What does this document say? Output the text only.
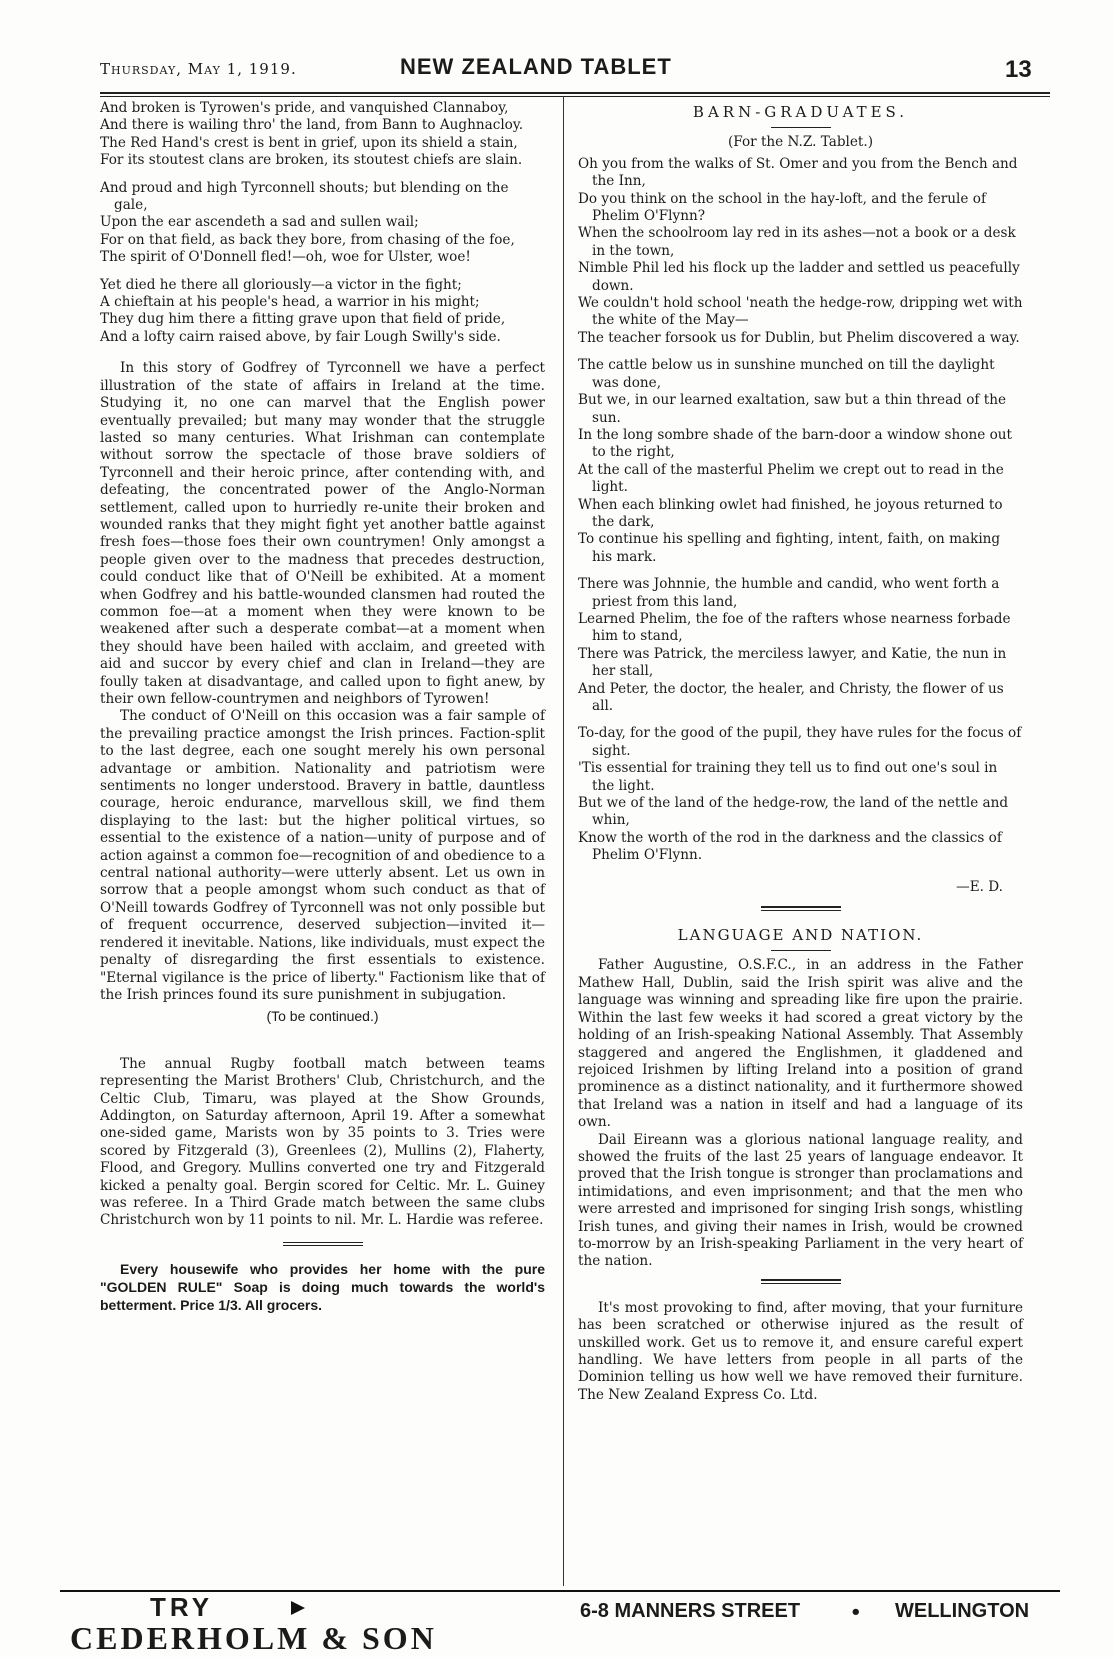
Thursday, May 1, 1919.	NEW ZEALAND TABLET	13

And broken is Tyrowen's pride, and vanquished Clannaboy,

And there is wailing thro' the land, from Bann to Aughnacloy.

The Red Hand's crest is bent in grief, upon its shield a stain,

For its stoutest clans are broken, its stoutest chiefs are slain.

And proud and high Tyrconnell shouts; but blending on the gale,

Upon the ear ascendeth a sad and sullen wail;

For on that field, as back they bore, from chasing of the foe,

The spirit of O'Donnell fled!—oh, woe for Ulster, woe!

Yet died he there all gloriously—a victor in the fight;

A chieftain at his people's head, a warrior in his might;

They dug him there a fitting grave upon that field of pride,

And a lofty cairn raised above, by fair Lough Swilly's side.

In this story of Godfrey of Tyrconnell we have a perfect illustration of the state of affairs in Ireland at the time. Studying it, no one can marvel that the English power eventually prevailed; but many may wonder that the struggle lasted so many centuries. What Irishman can contemplate without sorrow the spectacle of those brave soldiers of Tyrconnell and their heroic prince, after contending with, and defeating, the concentrated power of the Anglo-Norman settlement, called upon to hurriedly re-unite their broken and wounded ranks that they might fight yet another battle against fresh foes—those foes their own countrymen! Only amongst a people given over to the madness that precedes destruction, could conduct like that of O'Neill be exhibited. At a moment when Godfrey and his battle-wounded clansmen had routed the common foe—at a moment when they were known to be weakened after such a desperate combat—at a moment when they should have been hailed with acclaim, and greeted with aid and succor by every chief and clan in Ireland—they are foully taken at disadvantage, and called upon to fight anew, by their own fellow-countrymen and neighbors of Tyrowen!

The conduct of O'Neill on this occasion was a fair sample of the prevailing practice amongst the Irish princes. Faction-split to the last degree, each one sought merely his own personal advantage or ambition. Nationality and patriotism were sentiments no longer understood. Bravery in battle, dauntless courage, heroic endurance, marvellous skill, we find them displaying to the last: but the higher political virtues, so essential to the existence of a nation—unity of purpose and of action against a common foe—recognition of and obedience to a central national authority—were utterly absent. Let us own in sorrow that a people amongst whom such conduct as that of O'Neill towards Godfrey of Tyrconnell was not only possible but of frequent occurrence, deserved subjection—invited it—rendered it inevitable. Nations, like individuals, must expect the penalty of disregarding the first essentials to existence. "Eternal vigilance is the price of liberty." Factionism like that of the Irish princes found its sure punishment in subjugation.

(To be continued.)

The annual Rugby football match between teams representing the Marist Brothers' Club, Christchurch, and the Celtic Club, Timaru, was played at the Show Grounds, Addington, on Saturday afternoon, April 19. After a somewhat one-sided game, Marists won by 35 points to 3. Tries were scored by Fitzgerald (3), Greenlees (2), Mullins (2), Flaherty, Flood, and Gregory. Mullins converted one try and Fitzgerald kicked a penalty goal. Bergin scored for Celtic. Mr. L. Guiney was referee. In a Third Grade match between the same clubs Christchurch won by 11 points to nil. Mr. L. Hardie was referee.

Every housewife who provides her home with the pure "GOLDEN RULE" Soap is doing much towards the world's betterment. Price 1/3. All grocers.

BARN-GRADUATES.
(For the N.Z. Tablet.)

Oh you from the walks of St. Omer and you from the Bench and the Inn,

Do you think on the school in the hay-loft, and the ferule of Phelim O'Flynn?

When the schoolroom lay red in its ashes—not a book or a desk in the town,

Nimble Phil led his flock up the ladder and settled us peacefully down.

We couldn't hold school 'neath the hedge-row, dripping wet with the white of the May—

The teacher forsook us for Dublin, but Phelim discovered a way.

The cattle below us in sunshine munched on till the daylight was done,

But we, in our learned exaltation, saw but a thin thread of the sun.

In the long sombre shade of the barn-door a window shone out to the right,

At the call of the masterful Phelim we crept out to read in the light.

When each blinking owlet had finished, he joyous returned to the dark,

To continue his spelling and fighting, intent, faith, on making his mark.

There was Johnnie, the humble and candid, who went forth a priest from this land,

Learned Phelim, the foe of the rafters whose nearness forbade him to stand,

There was Patrick, the merciless lawyer, and Katie, the nun in her stall,

And Peter, the doctor, the healer, and Christy, the flower of us all.

To-day, for the good of the pupil, they have rules for the focus of sight.

'Tis essential for training they tell us to find out one's soul in the light.

But we of the land of the hedge-row, the land of the nettle and whin,

Know the worth of the rod in the darkness and the classics of Phelim O'Flynn.

—E. D.
LANGUAGE AND NATION.

Father Augustine, O.S.F.C., in an address in the Father Mathew Hall, Dublin, said the Irish spirit was alive and the language was winning and spreading like fire upon the prairie. Within the last few weeks it had scored a great victory by the holding of an Irish-speaking National Assembly. That Assembly staggered and angered the Englishmen, it gladdened and rejoiced Irishmen by lifting Ireland into a position of grand prominence as a distinct nationality, and it furthermore showed that Ireland was a nation in itself and had a language of its own.

Dail Eireann was a glorious national language reality, and showed the fruits of the last 25 years of language endeavor. It proved that the Irish tongue is stronger than proclamations and intimidations, and even imprisonment; and that the men who were arrested and imprisoned for singing Irish songs, whistling Irish tunes, and giving their names in Irish, would be crowned to-morrow by an Irish-speaking Parliament in the very heart of the nation.

It's most provoking to find, after moving, that your furniture has been scratched or otherwise injured as the result of unskilled work. Get us to remove it, and ensure careful expert handling. We have letters from people in all parts of the Dominion telling us how well we have removed their furniture. The New Zealand Express Co. Ltd.

TRY
CEDERHOLM & SON
6-8 MANNERS STREET	• WELLINGTON
